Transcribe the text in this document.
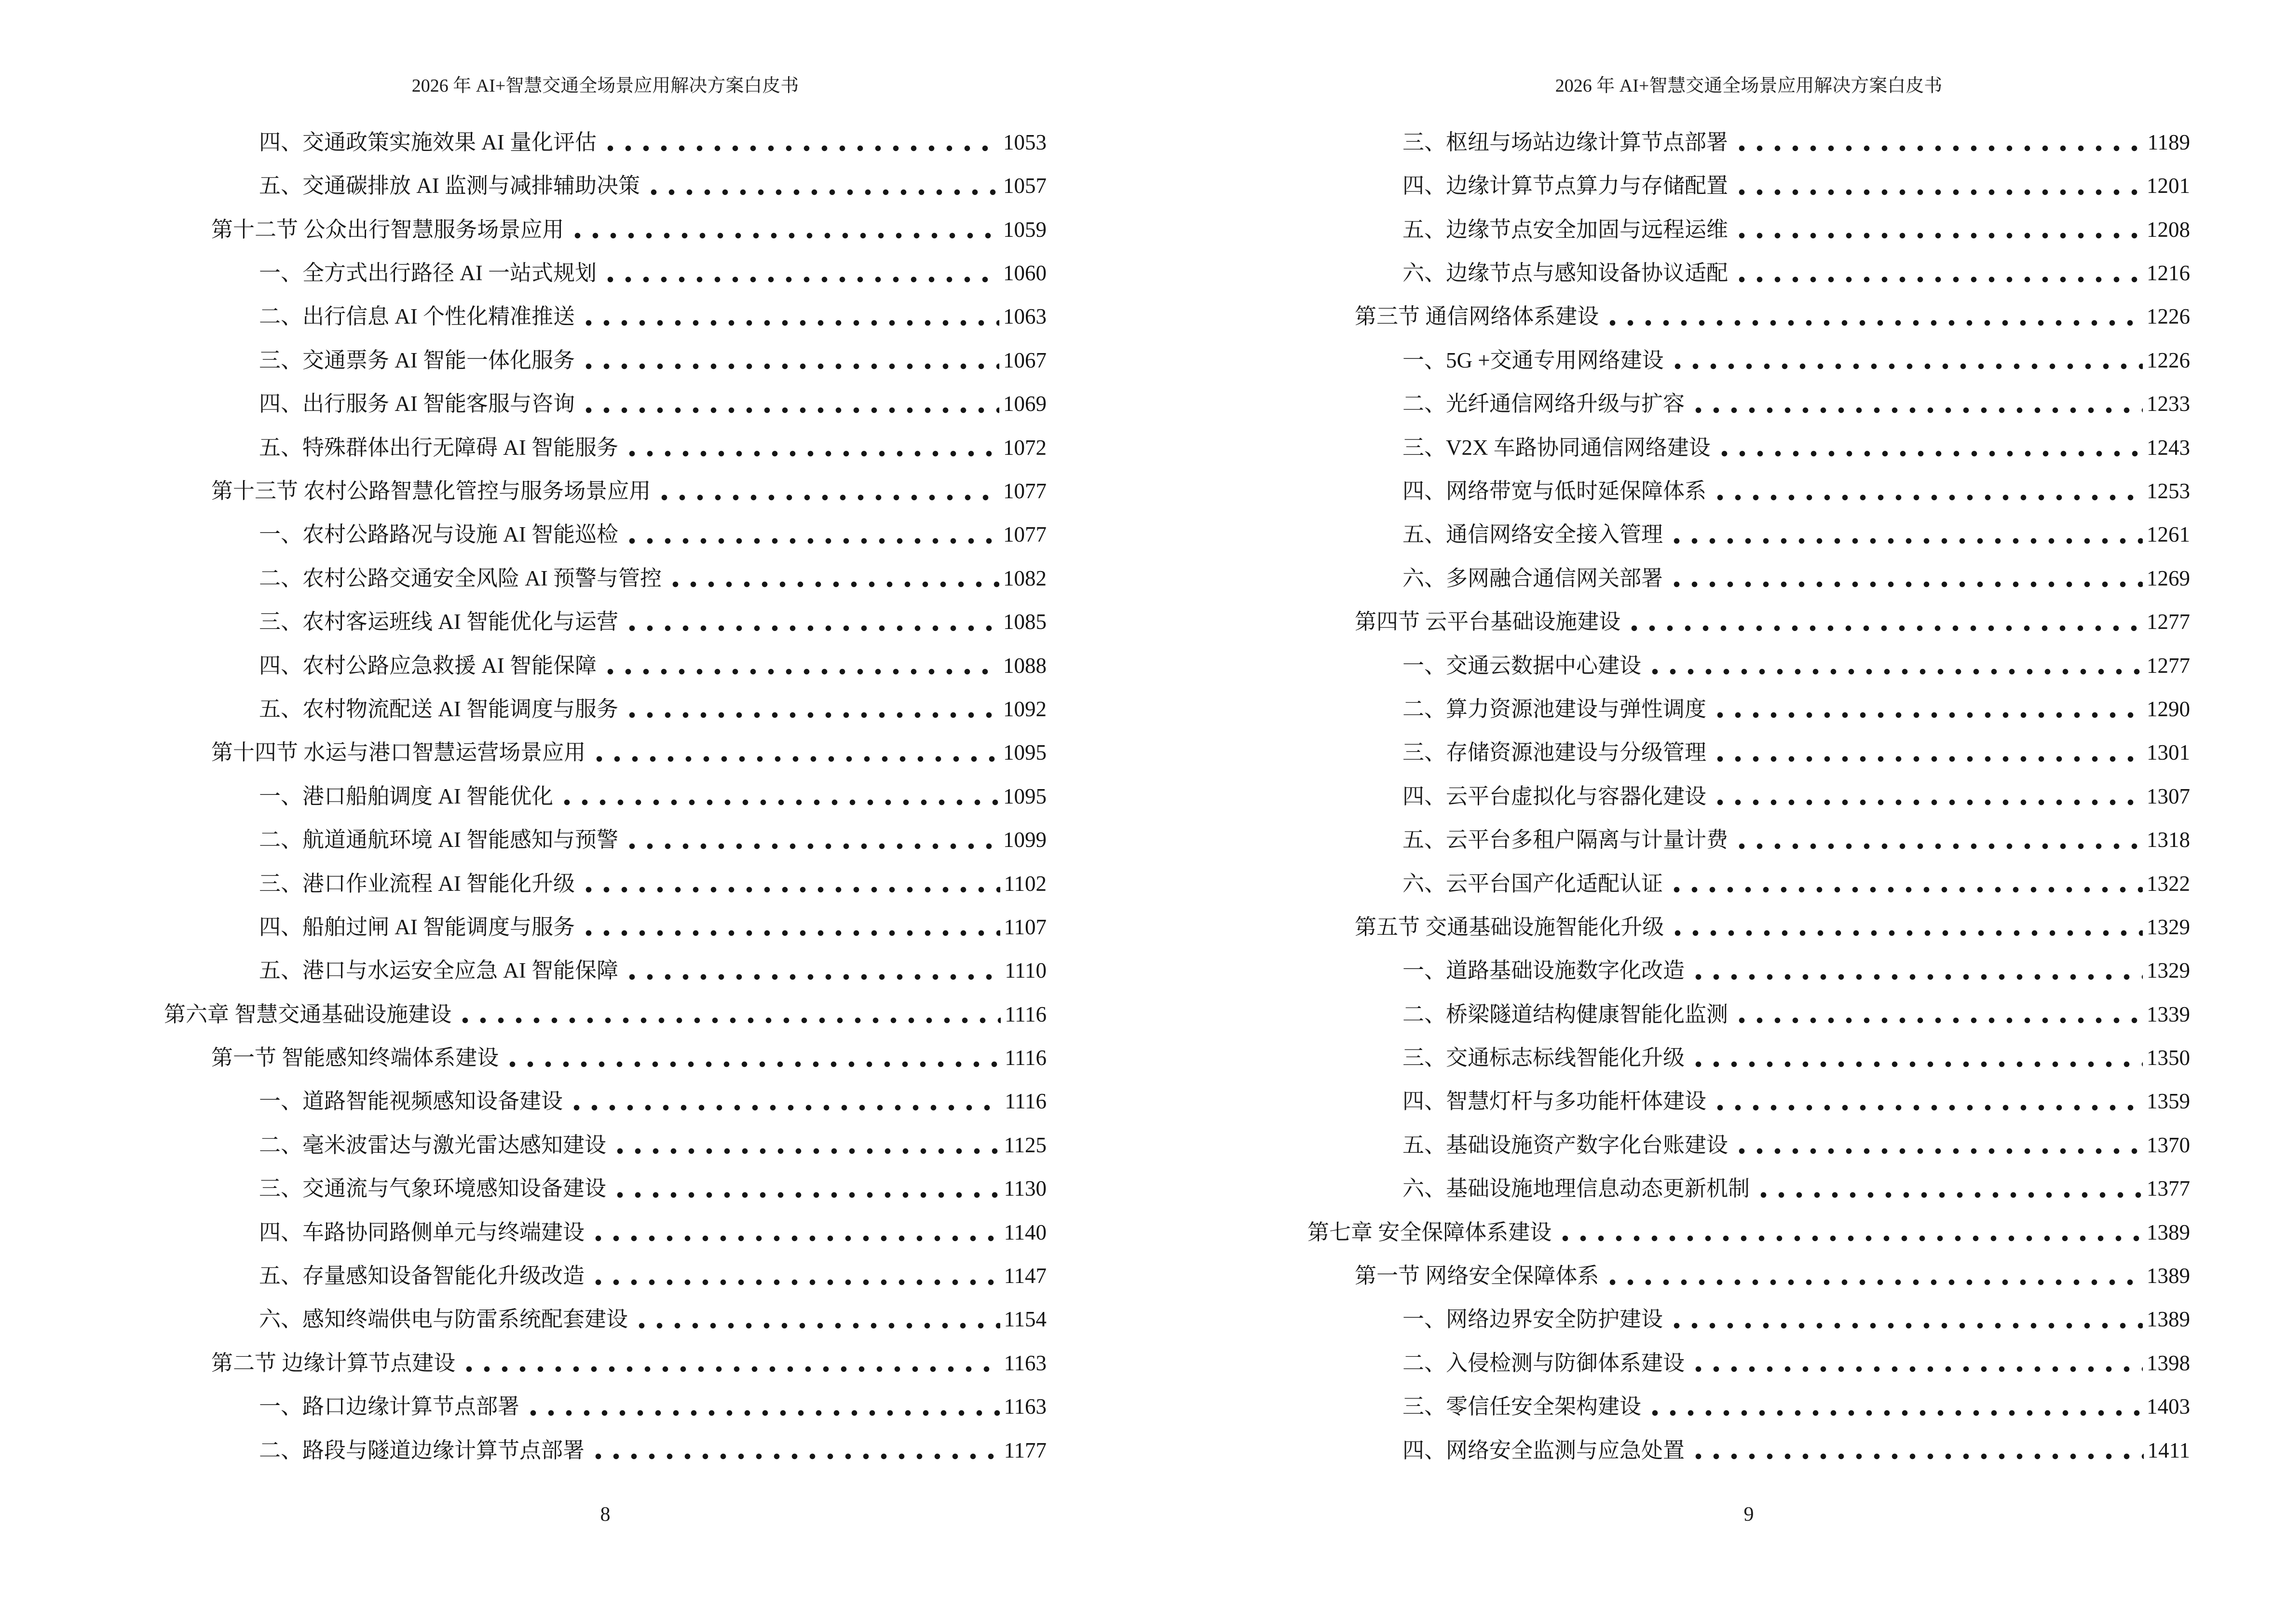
2026 年 AI+智慧交通全场景应用解决方案白皮书
四、交通政策实施效果 AI 量化评估	1053
五、交通碳排放 AI 监测与减排辅助决策	1057
第十二节 公众出行智慧服务场景应用	1059
一、全方式出行路径 AI 一站式规划	1060
二、出行信息 AI 个性化精准推送	1063
三、交通票务 AI 智能一体化服务	1067
四、出行服务 AI 智能客服与咨询	1069
五、特殊群体出行无障碍 AI 智能服务	1072
第十三节 农村公路智慧化管控与服务场景应用	1077
一、农村公路路况与设施 AI 智能巡检	1077
二、农村公路交通安全风险 AI 预警与管控	1082
三、农村客运班线 AI 智能优化与运营	1085
四、农村公路应急救援 AI 智能保障	1088
五、农村物流配送 AI 智能调度与服务	1092
第十四节 水运与港口智慧运营场景应用	1095
一、港口船舶调度 AI 智能优化	1095
二、航道通航环境 AI 智能感知与预警	1099
三、港口作业流程 AI 智能化升级	1102
四、船舶过闸 AI 智能调度与服务	1107
五、港口与水运安全应急 AI 智能保障	1110
第六章 智慧交通基础设施建设	1116
第一节 智能感知终端体系建设	1116
一、道路智能视频感知设备建设	1116
二、毫米波雷达与激光雷达感知建设	1125
三、交通流与气象环境感知设备建设	1130
四、车路协同路侧单元与终端建设	1140
五、存量感知设备智能化升级改造	1147
六、感知终端供电与防雷系统配套建设	1154
第二节 边缘计算节点建设	1163
一、路口边缘计算节点部署	1163
二、路段与隧道边缘计算节点部署	1177
8
2026 年 AI+智慧交通全场景应用解决方案白皮书
三、枢纽与场站边缘计算节点部署	1189
四、边缘计算节点算力与存储配置	1201
五、边缘节点安全加固与远程运维	1208
六、边缘节点与感知设备协议适配	1216
第三节 通信网络体系建设	1226
一、5G +交通专用网络建设	1226
二、光纤通信网络升级与扩容	1233
三、V2X 车路协同通信网络建设	1243
四、网络带宽与低时延保障体系	1253
五、通信网络安全接入管理	1261
六、多网融合通信网关部署	1269
第四节 云平台基础设施建设	1277
一、交通云数据中心建设	1277
二、算力资源池建设与弹性调度	1290
三、存储资源池建设与分级管理	1301
四、云平台虚拟化与容器化建设	1307
五、云平台多租户隔离与计量计费	1318
六、云平台国产化适配认证	1322
第五节 交通基础设施智能化升级	1329
一、道路基础设施数字化改造	1329
二、桥梁隧道结构健康智能化监测	1339
三、交通标志标线智能化升级	1350
四、智慧灯杆与多功能杆体建设	1359
五、基础设施资产数字化台账建设	1370
六、基础设施地理信息动态更新机制	1377
第七章 安全保障体系建设	1389
第一节 网络安全保障体系	1389
一、网络边界安全防护建设	1389
二、入侵检测与防御体系建设	1398
三、零信任安全架构建设	1403
四、网络安全监测与应急处置	1411
9
